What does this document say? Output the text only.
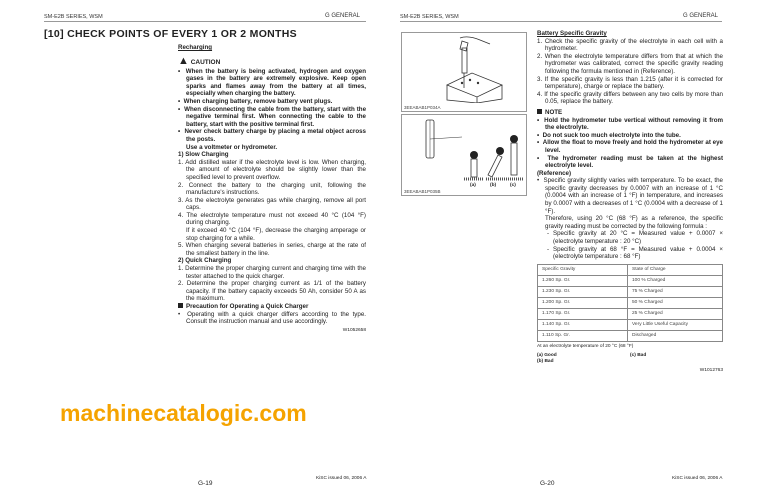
SM-E2B SERIES, WSM	G GENERAL
[10] CHECK POINTS OF EVERY 1 OR 2 MONTHS

Recharging

▲ CAUTION

•  When the battery is being activated, hydrogen and oxygen gases in the battery are extremely explosive. Keep open sparks and flames away from the battery at all times, especially when charging the battery.

•  When charging battery, remove battery vent plugs.

•  When disconnecting the cable from the battery, start with the negative terminal first. When connecting the cable to the battery, start with the positive terminal first.

•  Never check battery charge by placing a metal object across the posts.

Use a voltmeter or hydrometer.

1) Slow Charging

1. Add distilled water if the electrolyte level is low. When charging, the amount of electrolyte should be slightly lower than the specified level to prevent overflow.

2. Connect the battery to the charging unit, following the manufacture's instructions.

3. As the electrolyte generates gas while charging, remove all port caps.

4. The electrolyte temperature must not exceed 40 °C (104 °F) during charging.

If it exceed 40 °C (104 °F), decrease the charging amperage or stop charging for a while.

5. When charging several batteries in series, charge at the rate of the smallest battery in the line.

2) Quick Charging

1. Determine the proper charging current and charging time with the tester attached to the quick charger.

2. Determine the proper charging current as 1/1 of the battery capacity. If the battery capacity exceeds 50 Ah, consider 50 A as the maximum.

Precaution for Operating a Quick Charger

•  Operating with a quick charger differs according to the type. Consult the instruction manual and use accordingly.

W1052658

G-19
KiSC issued 06, 2006 A
machinecatalogic.com
SM-E2B SERIES, WSM	G GENERAL
3EEABAB1P034A
(a)	(b)	(c)
3EEABAB1P035B

Battery Specific Gravity

1. Check the specific gravity of the electrolyte in each cell with a hydrometer.

2. When the electrolyte temperature differs from that at which the hydrometer was calibrated, correct the specific gravity reading following the formula mentioned in (Reference).

3. If the specific gravity is less than 1.215 (after it is corrected for temperature), charge or replace the battery.

4. If the specific gravity differs between any two cells by more than 0.05, replace the battery.

NOTE

•  Hold the hydrometer tube vertical without removing it from the electrolyte.

•  Do not suck too much electrolyte into the tube.

•  Allow the float to move freely and hold the hydrometer at eye level.

•  The hydrometer reading must be taken at the highest electrolyte level.

(Reference)

•  Specific gravity slightly varies with temperature. To be exact, the specific gravity decreases by 0.0007 with an increase of 1 °C (0.0004 with an increase of 1 °F) in temperature, and increases by 0.0007 with a decreases of 1 °C (0.0004 with a decrease of 1 °F).

Therefore, using 20 °C (68 °F) as a reference, the specific gravity reading must be corrected by the following formula :

- Specific gravity at 20 °C = Measured value + 0.0007 × (electrolyte temperature : 20 °C)

- Specific gravity at 68 °F = Measured value + 0.0004 × (electrolyte temperature : 68 °F)

Specific Gravity	State of Charge
1.260 Sp. Gr.	100 % Charged
1.230 Sp. Gr.	75 % Charged
1.200 Sp. Gr.	50 % Charged
1.170 Sp. Gr.	25 % Charged
1.140 Sp. Gr.	Very Little Useful Capacity
1.110 Sp. Gr.	Discharged

At an electrolyte temperature of 20 °C (68 °F)

(a) Good

(b) Bad

(c) Bad

W1012763

G-20
KiSC issued 06, 2006 A
